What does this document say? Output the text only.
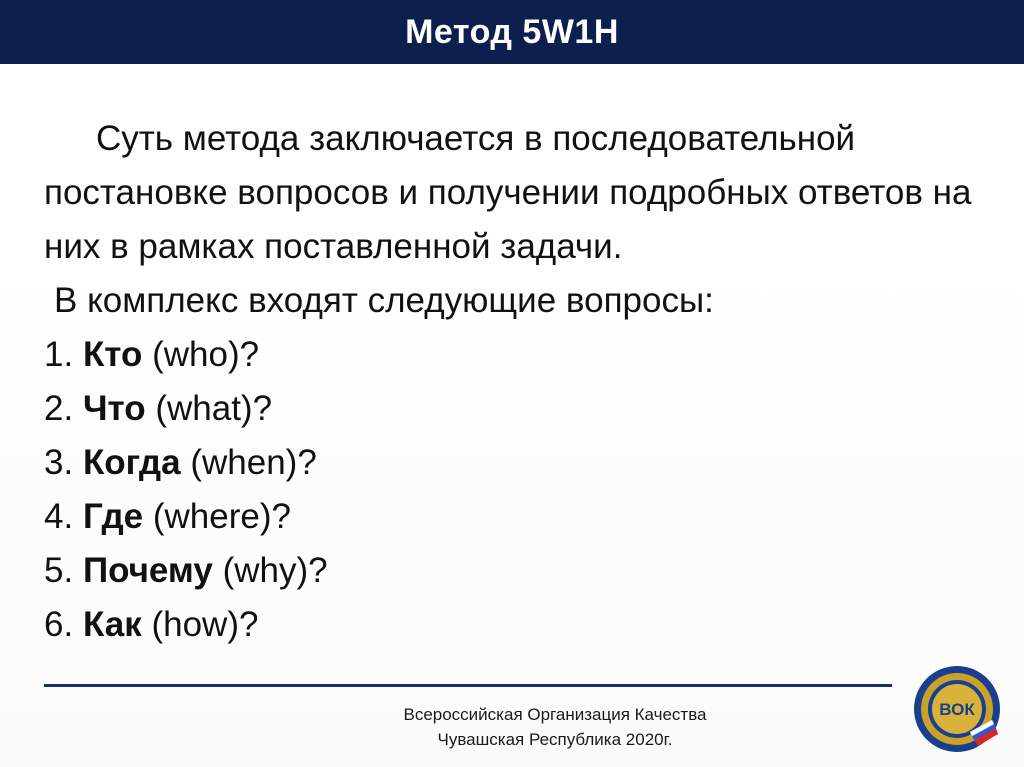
Метод 5W1H

Суть метода заключается в последовательной постановке вопросов и получении подробных ответов на них в рамках поставленной задачи.

В комплекс входят следующие вопросы:

1. Кто (who)?
2. Что (what)?
3. Когда (when)?
4. Где (where)?
5. Почему (why)?
6. Как (how)?
Всероссийская Организация Качества
Чувашская Республика 2020г.
ВОК
